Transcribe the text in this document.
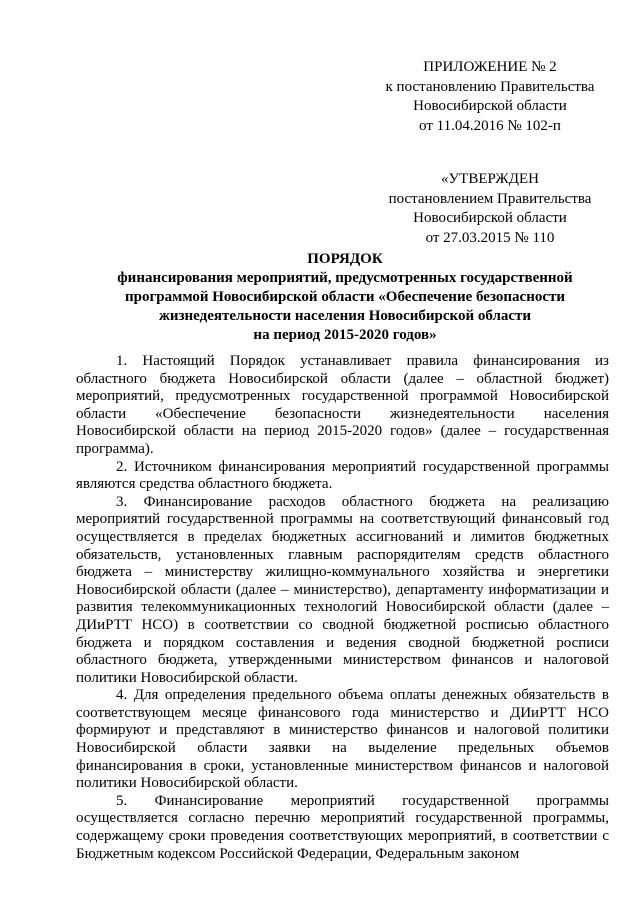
ПРИЛОЖЕНИЕ № 2
к постановлению Правительства
Новосибирской области
от 11.04.2016 № 102-п
«УТВЕРЖДЕН
постановлением Правительства
Новосибирской области
от 27.03.2015 № 110
ПОРЯДОК
финансирования мероприятий, предусмотренных государственной
программой Новосибирской области «Обеспечение безопасности
жизнедеятельности населения Новосибирской области
на период 2015-2020 годов»

1. Настоящий Порядок устанавливает правила финансирования из областного бюджета Новосибирской области (далее – областной бюджет) мероприятий, предусмотренных государственной программой Новосибирской области «Обеспечение безопасности жизнедеятельности населения Новосибирской области на период 2015-2020 годов» (далее – государственная программа).

2. Источником финансирования мероприятий государственной программы являются средства областного бюджета.

3. Финансирование расходов областного бюджета на реализацию мероприятий государственной программы на соответствующий финансовый год осуществляется в пределах бюджетных ассигнований и лимитов бюджетных обязательств, установленных главным распорядителям средств областного бюджета – министерству жилищно-коммунального хозяйства и энергетики Новосибирской области (далее – министерство), департаменту информатизации и развития телекоммуникационных технологий Новосибирской области (далее – ДИиРТТ НСО) в соответствии со сводной бюджетной росписью областного бюджета и порядком составления и ведения сводной бюджетной росписи областного бюджета, утвержденными министерством финансов и налоговой политики Новосибирской области.

4. Для определения предельного объема оплаты денежных обязательств в соответствующем месяце финансового года министерство и ДИиРТТ НСО формируют и представляют в министерство финансов и налоговой политики Новосибирской области заявки на выделение предельных объемов финансирования в сроки, установленные министерством финансов и налоговой политики Новосибирской области.

5. Финансирование мероприятий государственной программы осуществляется согласно перечню мероприятий государственной программы, содержащему сроки проведения соответствующих мероприятий, в соответствии с Бюджетным кодексом Российской Федерации, Федеральным законом
